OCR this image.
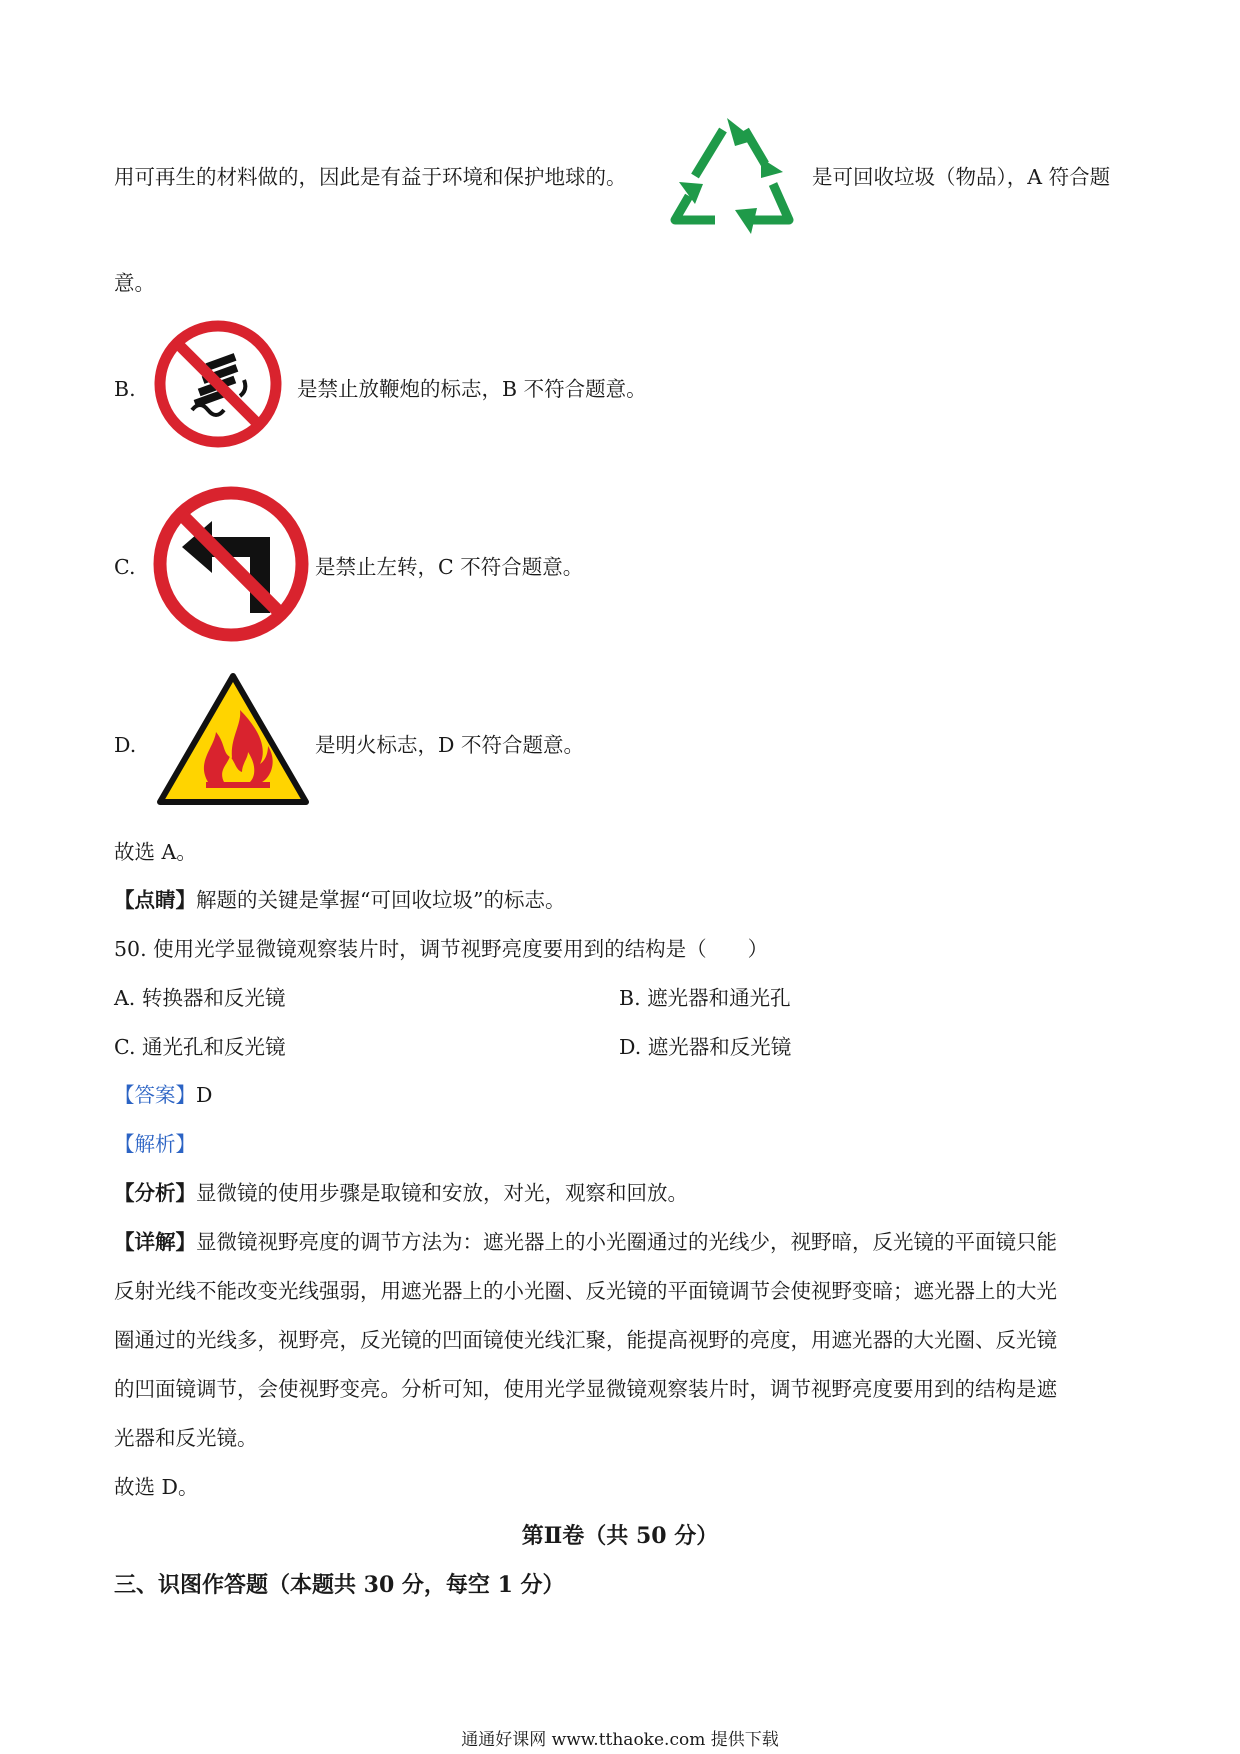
用可再生的材料做的，因此是有益于环境和保护地球的。	是可回收垃圾（物品），A 符合题
意。
B.	是禁止放鞭炮的标志，B 不符合题意。
C.	是禁止左转，C 不符合题意。
D.	是明火标志，D 不符合题意。
故选 A。
【点睛】解题的关键是掌握“可回收垃圾”的标志。
50. 使用光学显微镜观察装片时，调节视野亮度要用到的结构是（　　）
A. 转换器和反光镜	B. 遮光器和通光孔
C. 通光孔和反光镜	D. 遮光器和反光镜
【答案】D
【解析】
【分析】显微镜的使用步骤是取镜和安放，对光，观察和回放。
【详解】显微镜视野亮度的调节方法为：遮光器上的小光圈通过的光线少，视野暗，反光镜的平面镜只能
反射光线不能改变光线强弱，用遮光器上的小光圈、反光镜的平面镜调节会使视野变暗；遮光器上的大光
圈通过的光线多，视野亮，反光镜的凹面镜使光线汇聚，能提高视野的亮度，用遮光器的大光圈、反光镜
的凹面镜调节，会使视野变亮。分析可知，使用光学显微镜观察装片时，调节视野亮度要用到的结构是遮
光器和反光镜。
故选 D。
第Ⅱ卷（共 50 分）
三、识图作答题（本题共 30 分，每空 1 分）
通通好课网 www.tthaoke.com 提供下载
